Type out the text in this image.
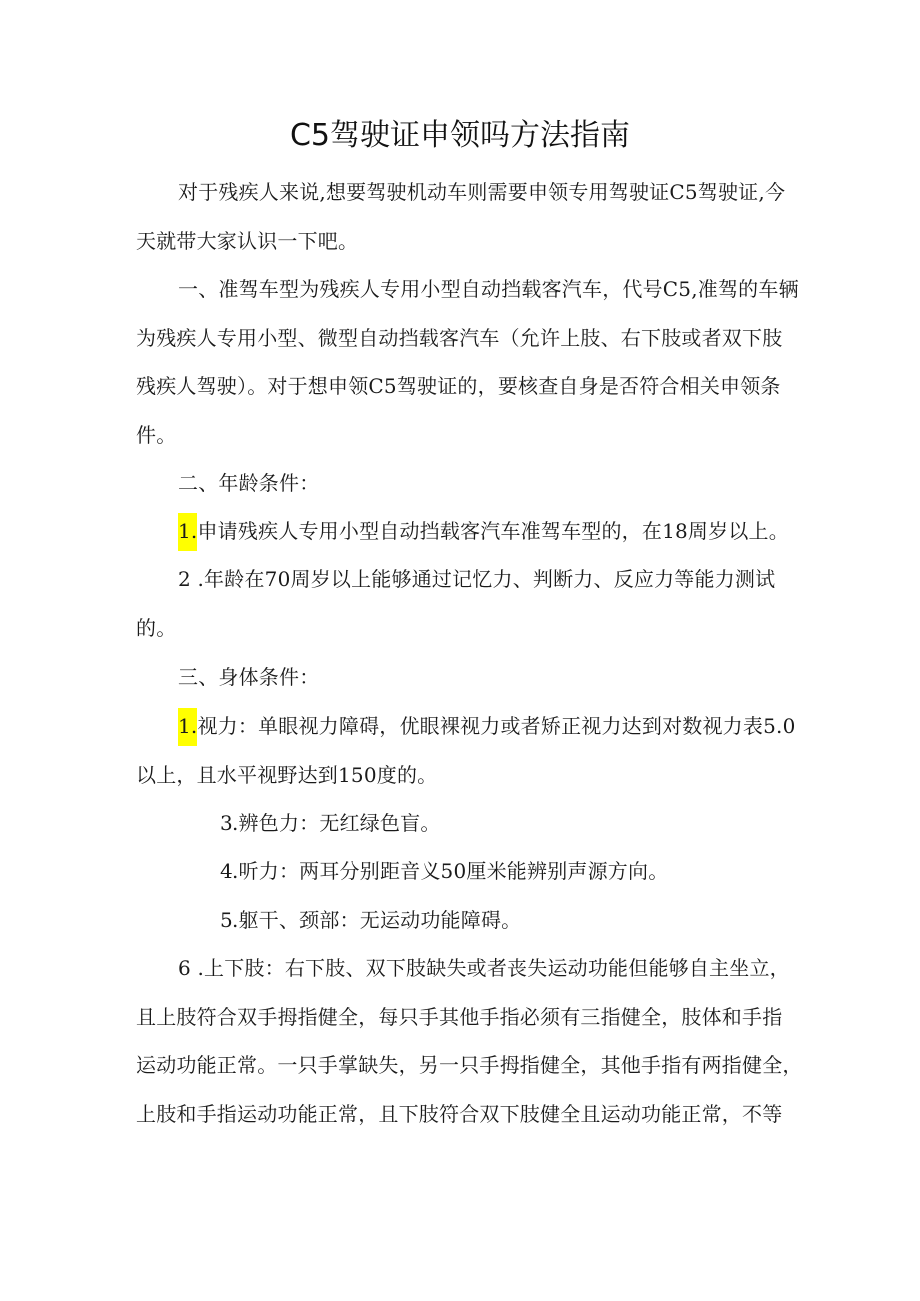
C5驾驶证申领吗方法指南
对于残疾人来说,想要驾驶机动车则需要申领专用驾驶证C5驾驶证,今
天就带大家认识一下吧。
一、准驾车型为残疾人专用小型自动挡载客汽车，代号C5,准驾的车辆
为残疾人专用小型、微型自动挡载客汽车（允许上肢、右下肢或者双下肢
残疾人驾驶）。对于想申领C5驾驶证的，要核查自身是否符合相关申领条
件。
二、年龄条件：
1.申请残疾人专用小型自动挡载客汽车准驾车型的，在18周岁以上。
2 .年龄在70周岁以上能够通过记忆力、判断力、反应力等能力测试
的。
三、身体条件：
1.视力：单眼视力障碍，优眼裸视力或者矫正视力达到对数视力表5.0
以上，且水平视野达到150度的。
3.辨色力：无红绿色盲。
4.听力：两耳分别距音义50厘米能辨别声源方向。
5.躯干、颈部：无运动功能障碍。
6 .上下肢：右下肢、双下肢缺失或者丧失运动功能但能够自主坐立，
且上肢符合双手拇指健全，每只手其他手指必须有三指健全，肢体和手指
运动功能正常。一只手掌缺失，另一只手拇指健全，其他手指有两指健全，
上肢和手指运动功能正常，且下肢符合双下肢健全且运动功能正常，不等
